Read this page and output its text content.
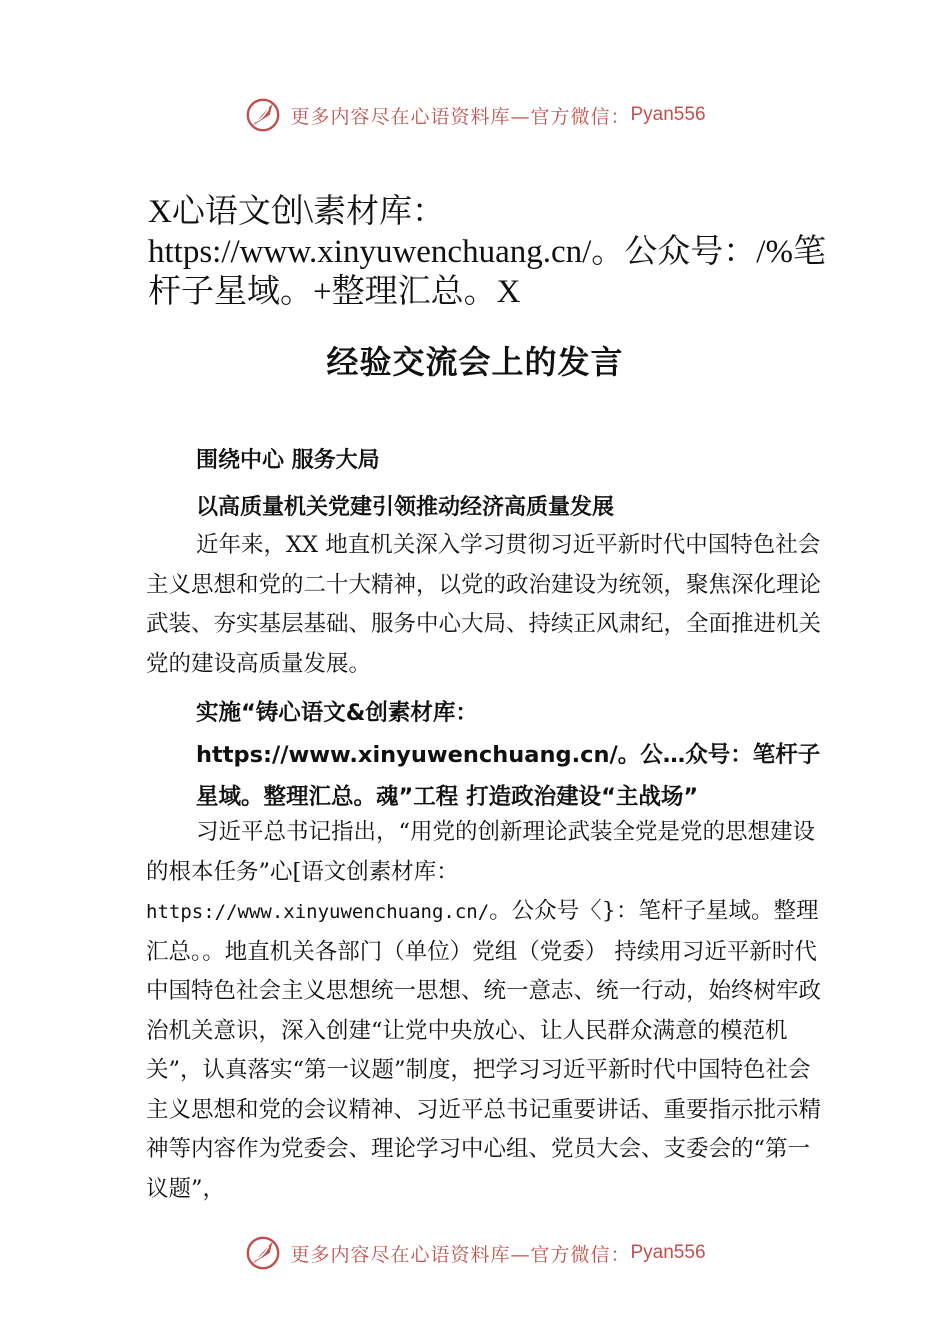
更多内容尽在心语资料库—官方微信： Pyan556
X心语文创\素材库：https://www.xinyuwenchuang.cn/。公众号：/%笔杆子星域。+整理汇总。X
经验交流会上的发言
围绕中心 服务大局
以高质量机关党建引领推动经济高质量发展
近年来，XX 地直机关深入学习贯彻习近平新时代中国特色社会主义思想和党的二十大精神，以党的政治建设为统领，聚焦深化理论武装、夯实基层基础、服务中心大局、持续正风肃纪，全面推进机关党的建设高质量发展。
实施“铸心语文&创素材库：https://www.xinyuwenchuang.cn/。公…众号：笔杆子星域。整理汇总。魂”工程 打造政治建设“主战场”
习近平总书记指出，“用党的创新理论武装全党是党的思想建设的根本任务”心[语文创素材库：https://www.xinyuwenchuang.cn/。公众号〈}：笔杆子星域。整理汇总。。地直机关各部门（单位）党组（党委） 持续用习近平新时代中国特色社会主义思想统一思想、统一意志、统一行动，始终树牢政治机关意识，深入创建“让党中央放心、让人民群众满意的模范机关”，认真落实“第一议题”制度，把学习习近平新时代中国特色社会主义思想和党的会议精神、习近平总书记重要讲话、重要指示批示精神等内容作为党委会、理论学习中心组、党员大会、支委会的“第一议题”，
更多内容尽在心语资料库—官方微信： Pyan556
